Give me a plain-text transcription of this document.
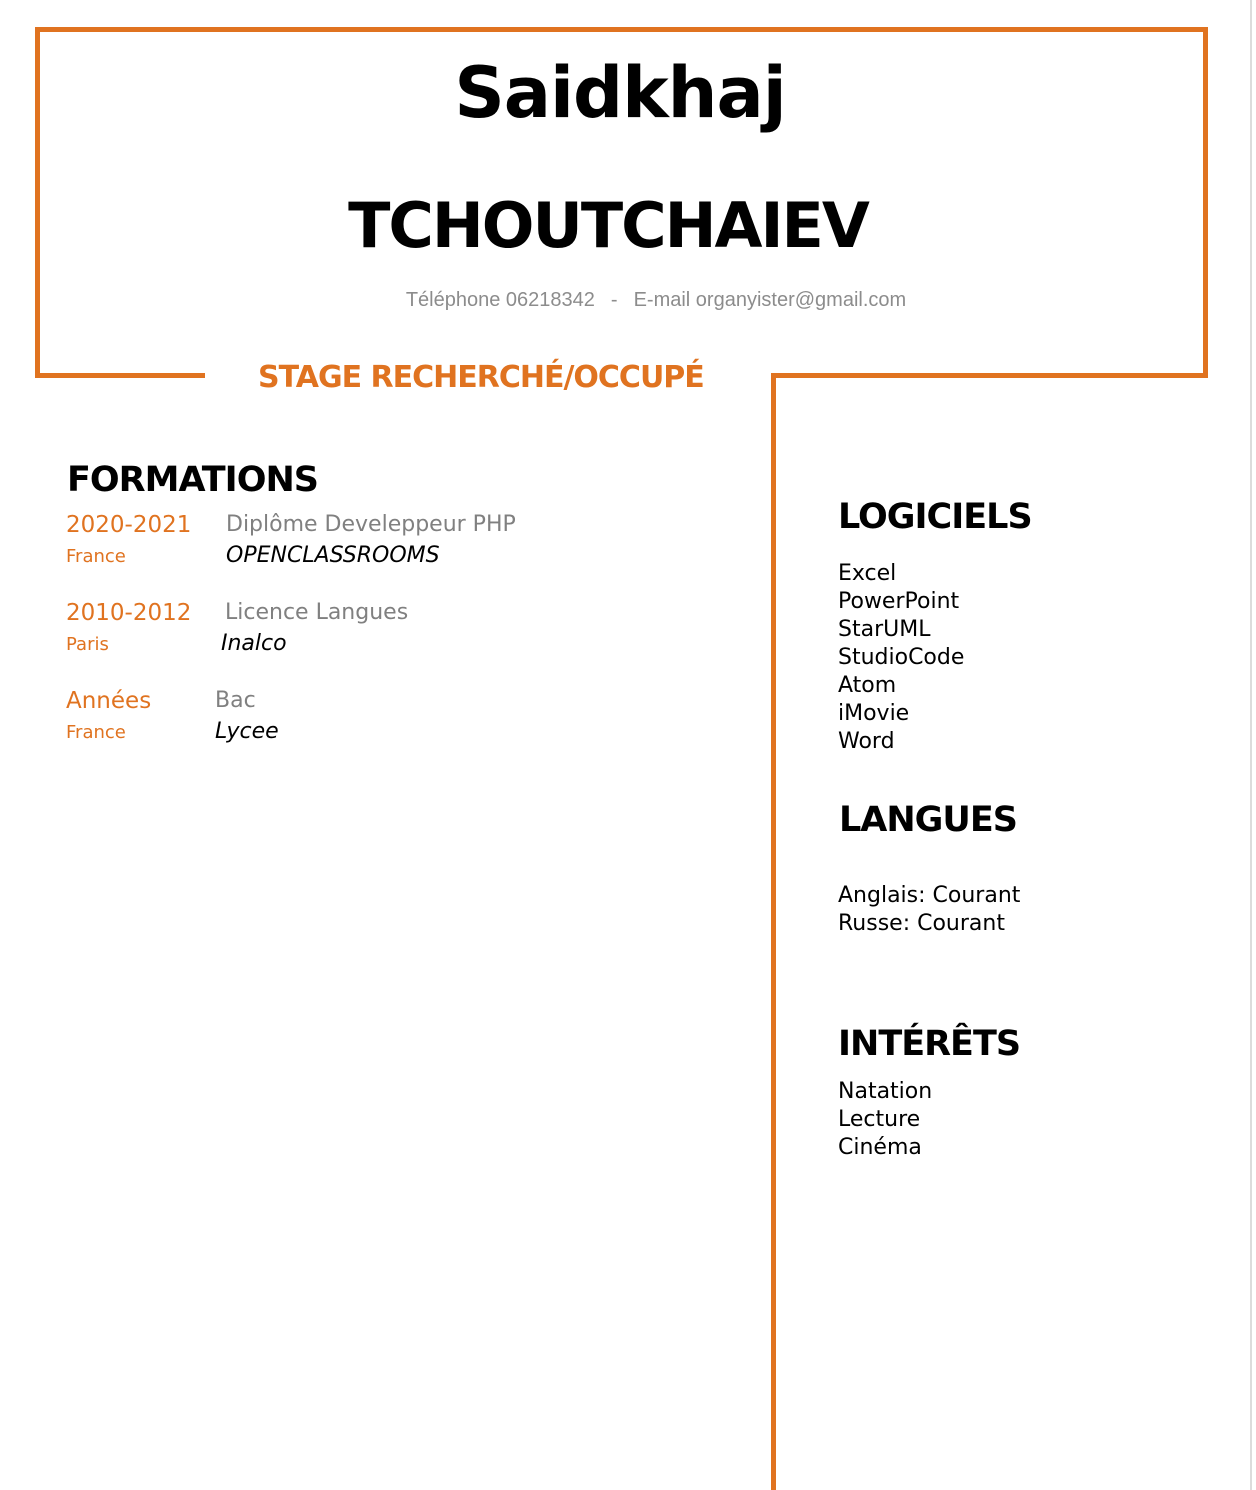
Saidkhaj
TCHOUTCHAIEV
Téléphone 06218342 - E-mail organyister@gmail.com
STAGE RECHERCHÉ/OCCUPÉ
FORMATIONS
2020-2021
France
Diplôme Develeppeur PHP
OPENCLASSROOMS
2010-2012
Paris
Licence Langues
Inalco
Années
France
Bac
Lycee
LOGICIELS
Excel
PowerPoint
StarUML
StudioCode
Atom
iMovie
Word
LANGUES
Anglais: Courant
Russe: Courant
INTÉRÊTS
Natation
Lecture
Cinéma
